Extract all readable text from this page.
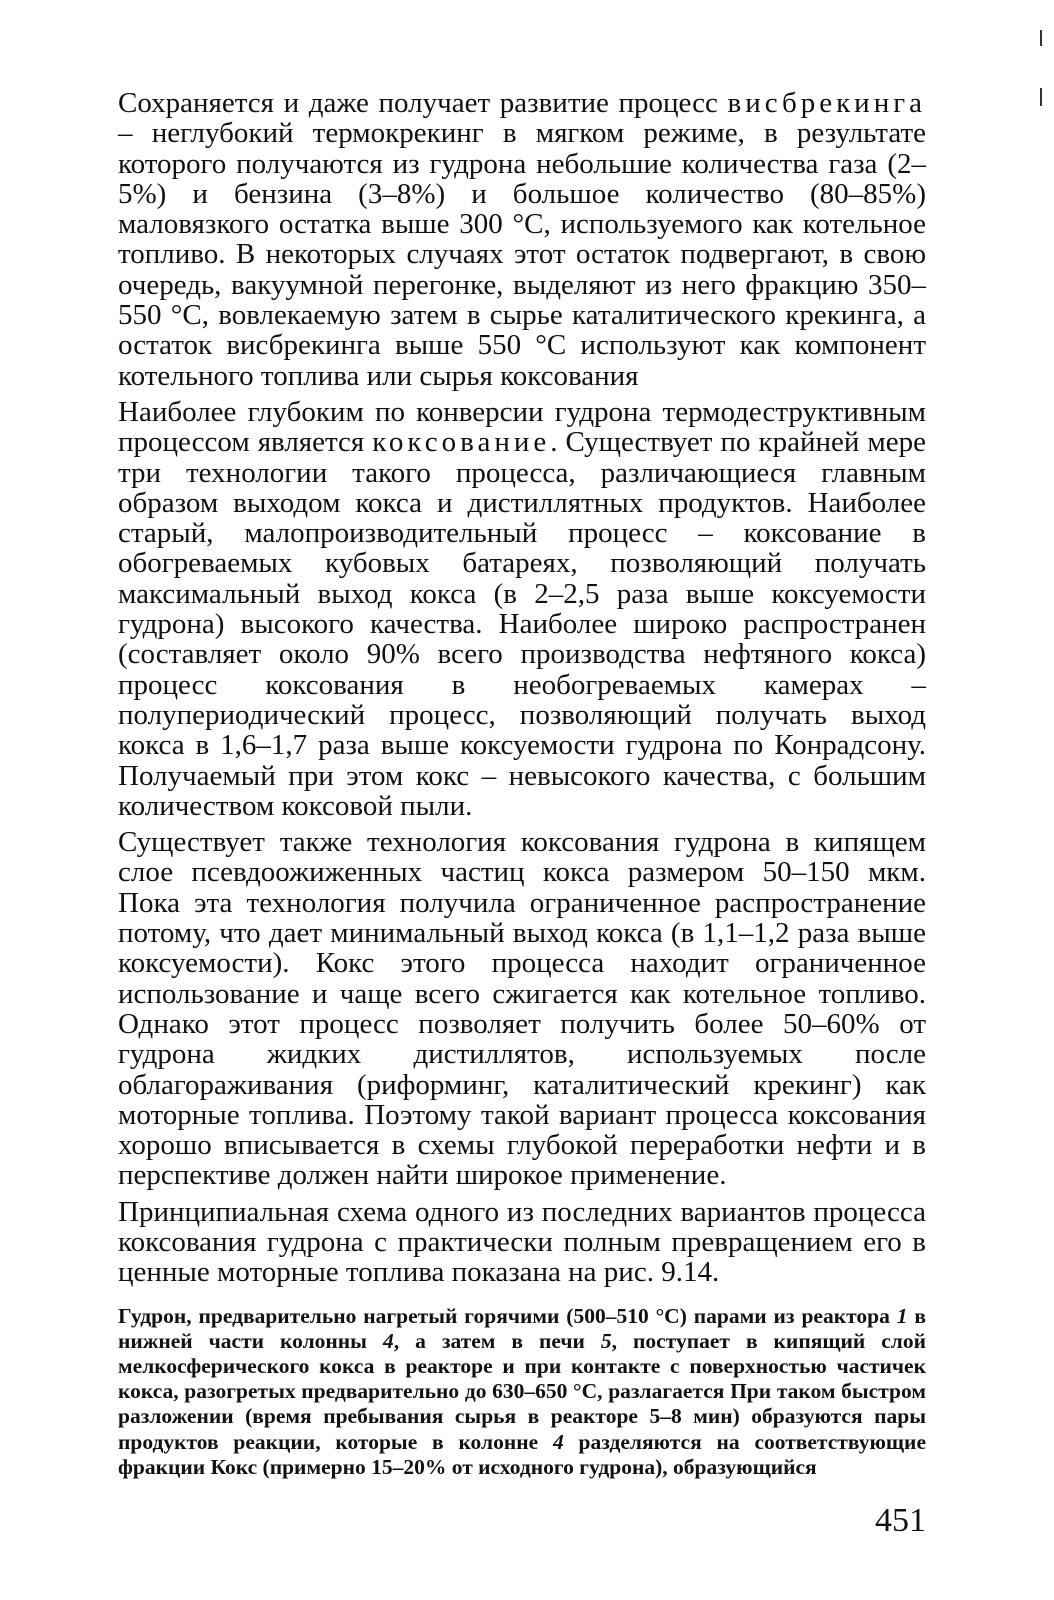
Сохраняется и даже получает развитие процесс висбрекинга – неглубокий термокрекинг в мягком режиме, в результате которого получаются из гудрона небольшие количества газа (2–5%) и бензина (3–8%) и большое количество (80–85%) маловязкого остатка выше 300 °С, используемого как котельное топливо. В некоторых случаях этот остаток подвергают, в свою очередь, вакуумной перегонке, выделяют из него фракцию 350–550 °С, вовлекаемую затем в сырье каталитического крекинга, а остаток висбрекинга выше 550 °С используют как компонент котельного топлива или сырья коксования

Наиболее глубоким по конверсии гудрона термодеструктивным процессом является коксование. Существует по крайней мере три технологии такого процесса, различающиеся главным образом выходом кокса и дистиллятных продуктов. Наиболее старый, малопроизводительный процесс – коксование в обогреваемых кубовых батареях, позволяющий получать максимальный выход кокса (в 2–2,5 раза выше коксуемости гудрона) высокого качества. Наиболее широко распространен (составляет около 90% всего производства нефтяного кокса) процесс коксования в необогреваемых камерах – полупериодический процесс, позволяющий получать выход кокса в 1,6–1,7 раза выше коксуемости гудрона по Конрадсону. Получаемый при этом кокс – невысокого качества, с большим количеством коксовой пыли.

Существует также технология коксования гудрона в кипящем слое псевдоожиженных частиц кокса размером 50–150 мкм. Пока эта технология получила ограниченное распространение потому, что дает минимальный выход кокса (в 1,1–1,2 раза выше коксуемости). Кокс этого процесса находит ограниченное использование и чаще всего сжигается как котельное топливо. Однако этот процесс позволяет получить более 50–60% от гудрона жидких дистиллятов, используемых после облагораживания (риформинг, каталитический крекинг) как моторные топлива. Поэтому такой вариант процесса коксования хорошо вписывается в схемы глубокой переработки нефти и в перспективе должен найти широкое применение.

Принципиальная схема одного из последних вариантов процесса коксования гудрона с практически полным превращением его в ценные моторные топлива показана на рис. 9.14.

Гудрон, предварительно нагретый горячими (500–510 °С) парами из реактора 1 в нижней части колонны 4, а затем в печи 5, поступает в кипящий слой мелкосферического кокса в реакторе и при контакте с поверхностью частичек кокса, разогретых предварительно до 630–650 °С, разлагается При таком быстром разложении (время пребывания сырья в реакторе 5–8 мин) образуются пары продуктов реакции, которые в колонне 4 разделяются на соответствующие фракции Кокс (примерно 15–20% от исходного гудрона), образующийся

451
